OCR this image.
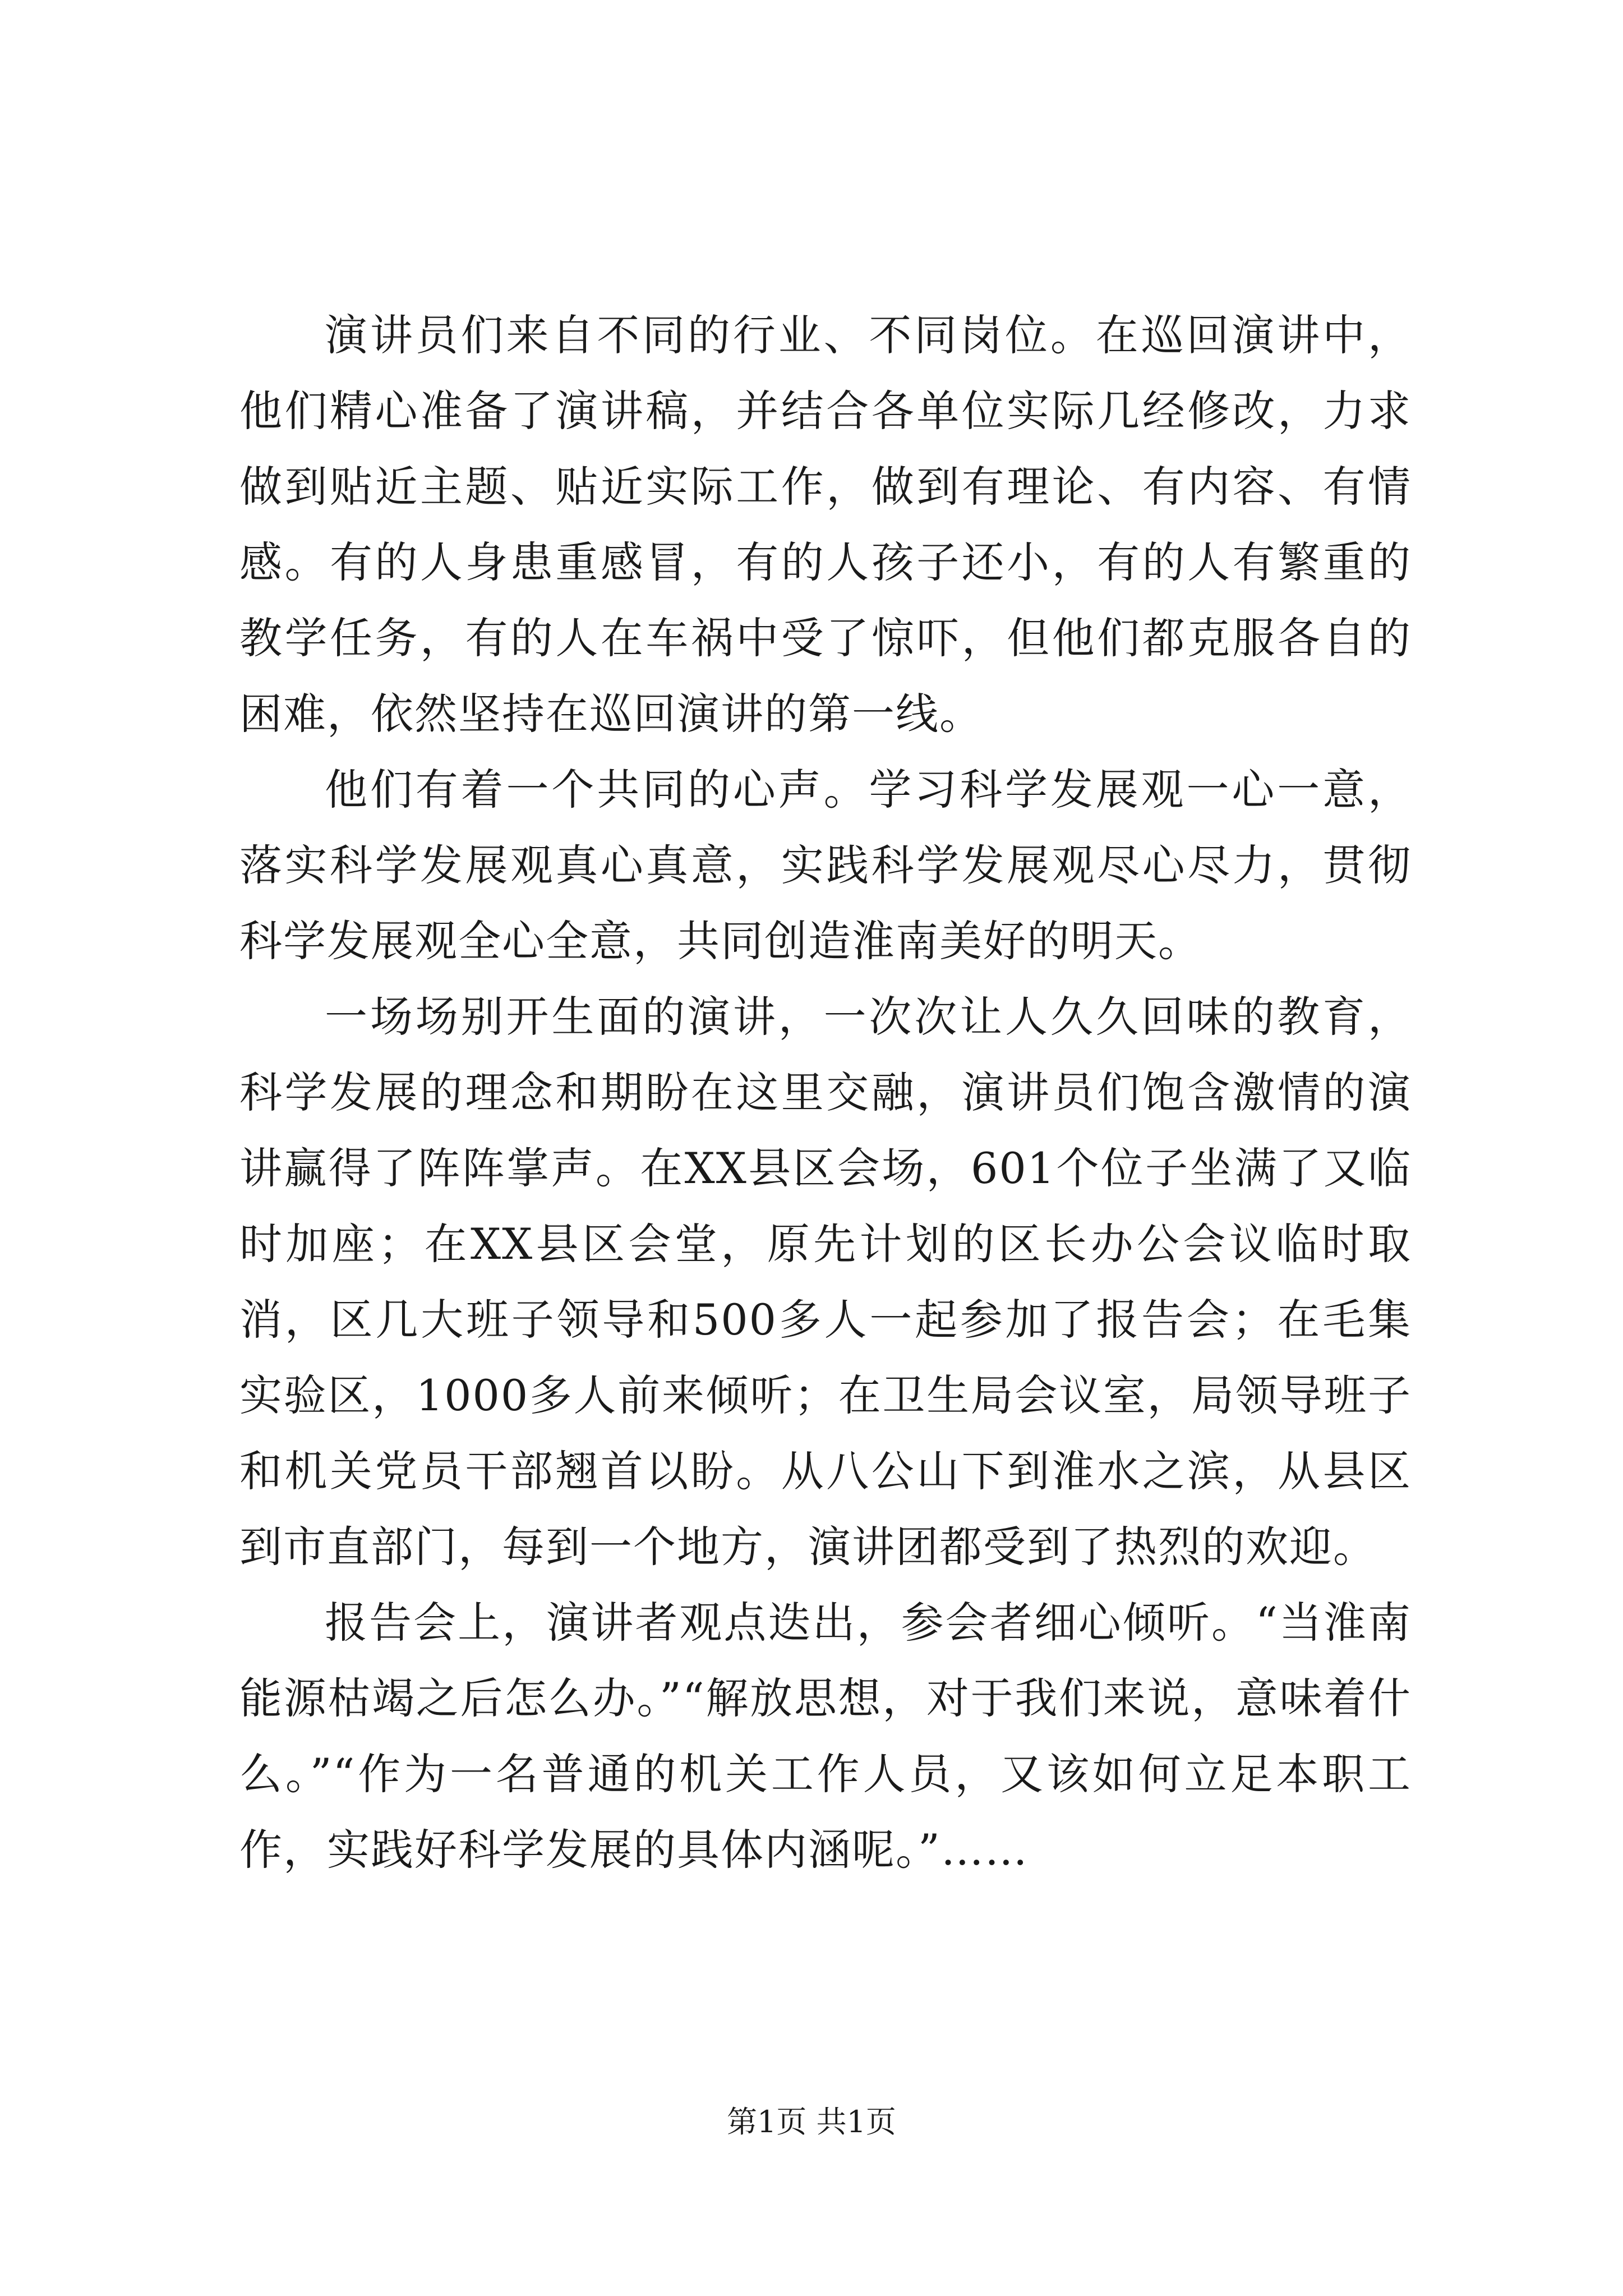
演讲员们来自不同的行业、不同岗位。在巡回演讲中，他们精心准备了演讲稿，并结合各单位实际几经修改，力求做到贴近主题、贴近实际工作，做到有理论、有内容、有情感。有的人身患重感冒，有的人孩子还小，有的人有繁重的教学任务，有的人在车祸中受了惊吓，但他们都克服各自的困难，依然坚持在巡回演讲的第一线。

他们有着一个共同的心声。学习科学发展观一心一意，落实科学发展观真心真意，实践科学发展观尽心尽力，贯彻科学发展观全心全意，共同创造淮南美好的明天。

一场场别开生面的演讲，一次次让人久久回味的教育，科学发展的理念和期盼在这里交融，演讲员们饱含激情的演讲赢得了阵阵掌声。在XX县区会场，601个位子坐满了又临时加座；在XX县区会堂，原先计划的区长办公会议临时取消，区几大班子领导和500多人一起参加了报告会；在毛集实验区，1000多人前来倾听；在卫生局会议室，局领导班子和机关党员干部翘首以盼。从八公山下到淮水之滨，从县区到市直部门，每到一个地方，演讲团都受到了热烈的欢迎。

报告会上，演讲者观点迭出，参会者细心倾听。“当淮南能源枯竭之后怎么办。”“解放思想，对于我们来说，意味着什么。”“作为一名普通的机关工作人员，又该如何立足本职工作，实践好科学发展的具体内涵呢。”……

第1页 共1页
